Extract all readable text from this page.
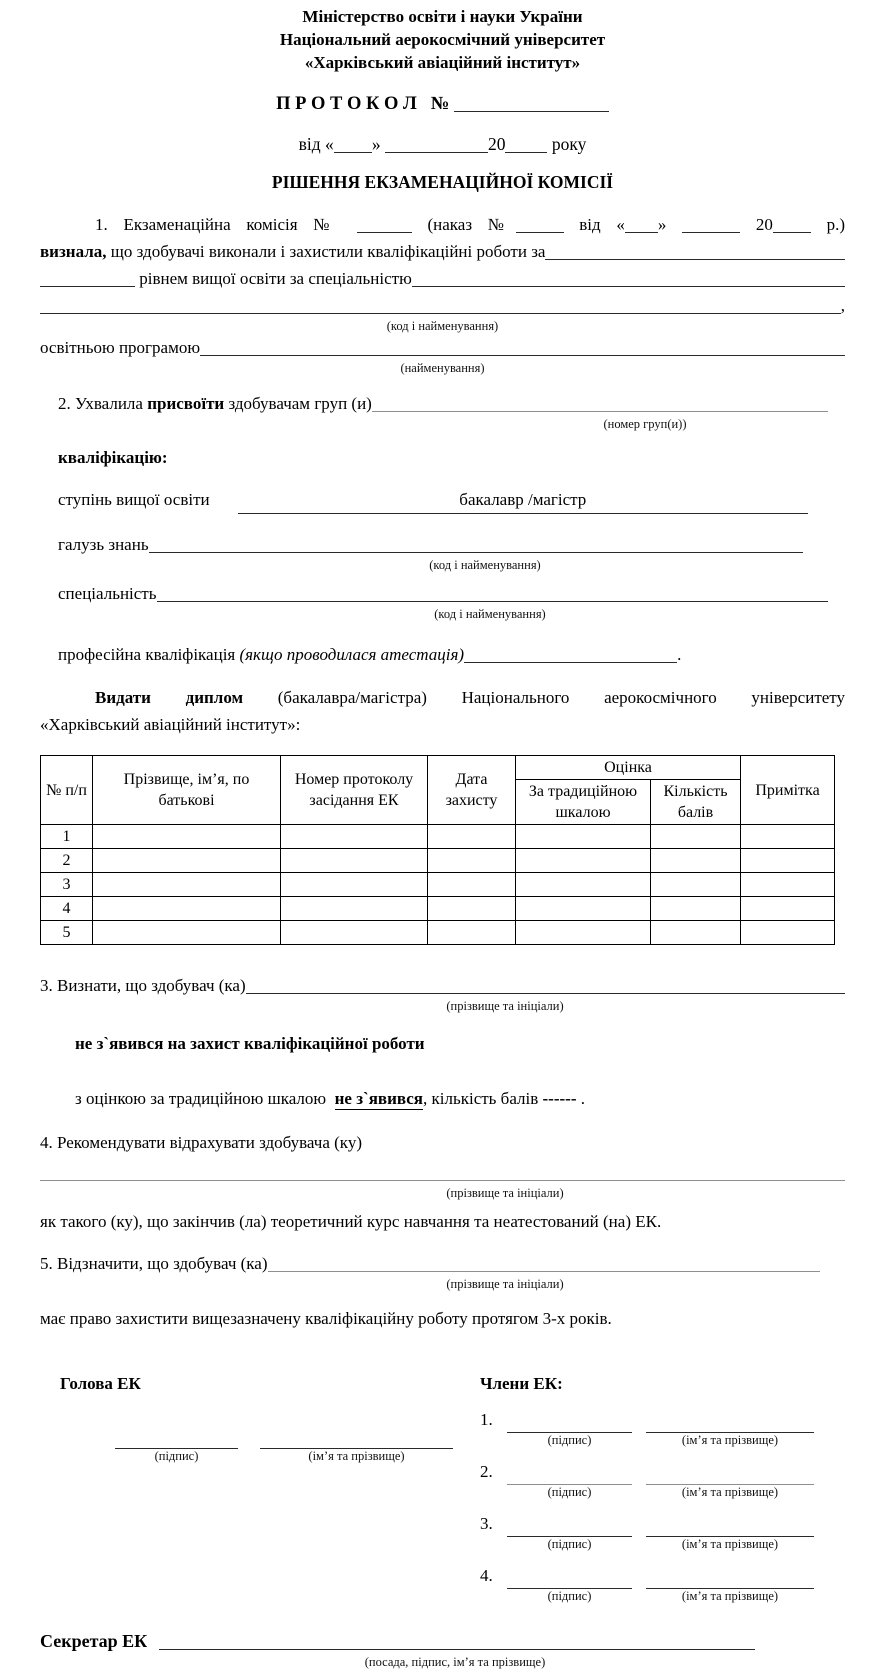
Міністерство освіти і науки України
Національний аерокосмічний університет
«Харківський авіаційний інститут»
П Р О Т О К О Л №
від « »	20	року
РІШЕННЯ ЕКЗАМЕНАЦІЙНОЇ КОМІСІЇ
1. Екзаменаційна комісія №	(наказ №	від « »	20	р.)
визнала,
що здобувачі виконали і захистили кваліфікаційні роботи за

рівнем вищої освіти за спеціальністю
,
(код і найменування)
освітньою програмою
(найменування)
2. Ухвалила
присвоїти
здобувачам груп (и)
(номер груп(и))
кваліфікацію:
ступінь вищої освіти	бакалавр /магістр
галузь знань
(код і найменування)
спеціальність
(код і найменування)
професійна кваліфікація (якщо проводилася атестація)	.
Видати диплом (бакалавра/магістра) Національного аерокосмічного університету
«Харківський авіаційний інститут»:
№ п/п	Прізвище, ім’я, по батькові	Номер протоколу засідання ЕК	Дата захисту	Оцінка		Примітка
				За традиційною шкалою	Кількість балів	
1						
2						
3						
4						
5						
3. Визнати, що здобувач (ка)
(прізвище та ініціали)
не з`явився на захист кваліфікаційної роботи
з оцінкою за традиційною шкалою не з`явився, кількість балів ------ .
4. Рекомендувати відрахувати здобувача (ку)
(прізвище та ініціали)
як такого (ку), що закінчив (ла) теоретичний курс навчання та неатестований (на) ЕК.
5. Відзначити, що здобувач (ка)
(прізвище та ініціали)
має право захистити вищезазначену кваліфікаційну роботу протягом 3-х років.
Голова ЕК
(підпис)	(ім’я та прізвище)
Члени ЕК:
1.
(підпис)	(ім’я та прізвище)
2.
(підпис)	(ім’я та прізвище)
3.
(підпис)	(ім’я та прізвище)
4.
(підпис)	(ім’я та прізвище)
Секретар ЕК
(посада, підпис, ім’я та прізвище)
